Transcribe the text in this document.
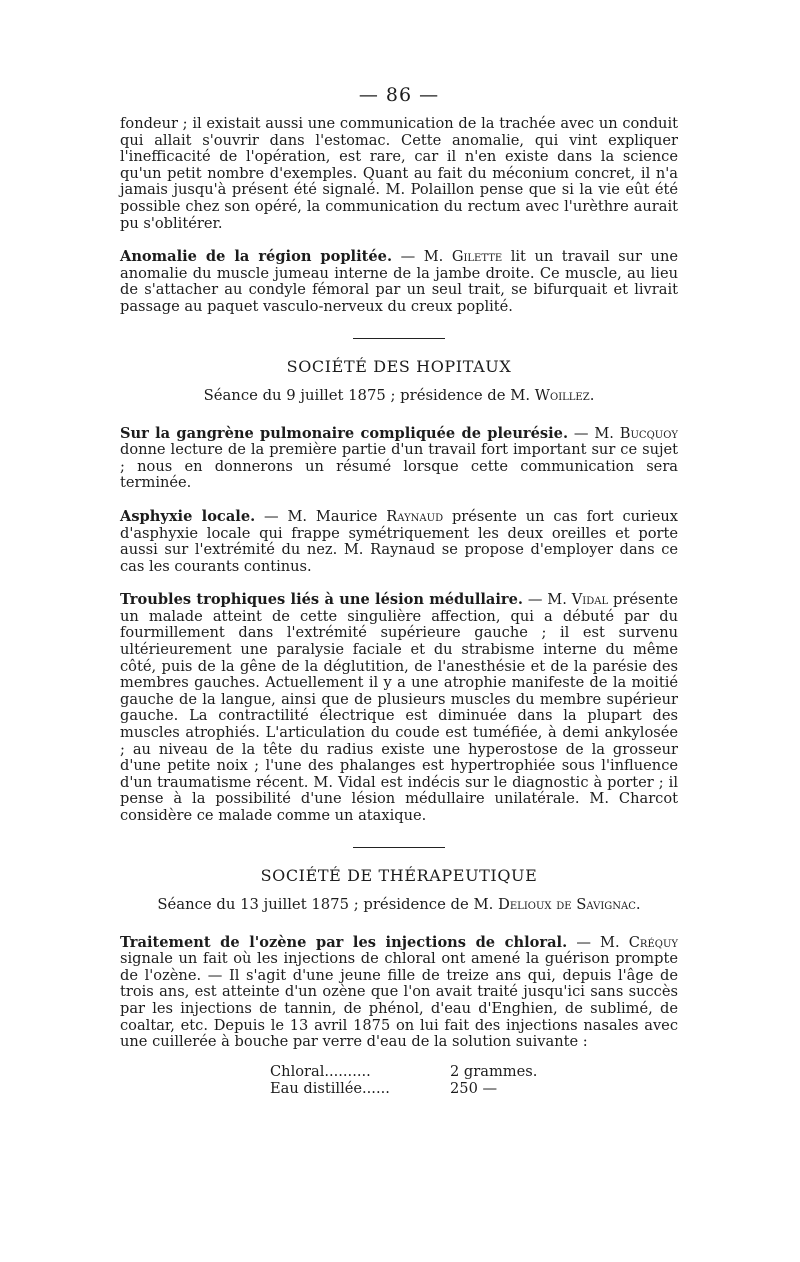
— 86 —

fondeur ; il existait aussi une communication de la trachée avec un conduit qui allait s'ouvrir dans l'estomac. Cette anomalie, qui vint expliquer l'inefficacité de l'opération, est rare, car il n'en existe dans la science qu'un petit nombre d'exemples. Quant au fait du méconium concret, il n'a jamais jusqu'à présent été signalé. M. Polaillon pense que si la vie eût été possible chez son opéré, la communication du rectum avec l'urèthre aurait pu s'oblitérer.

Anomalie de la région poplitée. — M. Gilette lit un travail sur une anomalie du muscle jumeau interne de la jambe droite. Ce muscle, au lieu de s'attacher au condyle fémoral par un seul trait, se bifurquait et livrait passage au paquet vasculo-nerveux du creux poplité.

SOCIÉTÉ DES HOPITAUX
Séance du 9 juillet 1875 ; présidence de M. Woillez.

Sur la gangrène pulmonaire compliquée de pleurésie. — M. Bucquoy donne lecture de la première partie d'un travail fort important sur ce sujet ; nous en donnerons un résumé lorsque cette communication sera terminée.

Asphyxie locale. — M. Maurice Raynaud présente un cas fort curieux d'asphyxie locale qui frappe symétriquement les deux oreilles et porte aussi sur l'extrémité du nez. M. Raynaud se propose d'employer dans ce cas les courants continus.

Troubles trophiques liés à une lésion médullaire. — M. Vidal présente un malade atteint de cette singulière affection, qui a débuté par du fourmillement dans l'extrémité supérieure gauche ; il est survenu ultérieurement une paralysie faciale et du strabisme interne du même côté, puis de la gêne de la déglutition, de l'anesthésie et de la parésie des membres gauches. Actuellement il y a une atrophie manifeste de la moitié gauche de la langue, ainsi que de plusieurs muscles du membre supérieur gauche. La contractilité électrique est diminuée dans la plupart des muscles atrophiés. L'articulation du coude est tuméfiée, à demi ankylosée ; au niveau de la tête du radius existe une hyperostose de la grosseur d'une petite noix ; l'une des phalanges est hypertrophiée sous l'influence d'un traumatisme récent. M. Vidal est indécis sur le diagnostic à porter ; il pense à la possibilité d'une lésion médullaire unilatérale. M. Charcot considère ce malade comme un ataxique.

SOCIÉTÉ DE THÉRAPEUTIQUE
Séance du 13 juillet 1875 ; présidence de M. Delioux de Savignac.

Traitement de l'ozène par les injections de chloral. — M. Créquy signale un fait où les injections de chloral ont amené la guérison prompte de l'ozène. — Il s'agit d'une jeune fille de treize ans qui, depuis l'âge de trois ans, est atteinte d'un ozène que l'on avait traité jusqu'ici sans succès par les injections de tannin, de phénol, d'eau d'Enghien, de sublimé, de coaltar, etc. Depuis le 13 avril 1875 on lui fait des injections nasales avec une cuillerée à bouche par verre d'eau de la solution suivante :

Chloral..........	2 grammes.
Eau distillée......	250 —
